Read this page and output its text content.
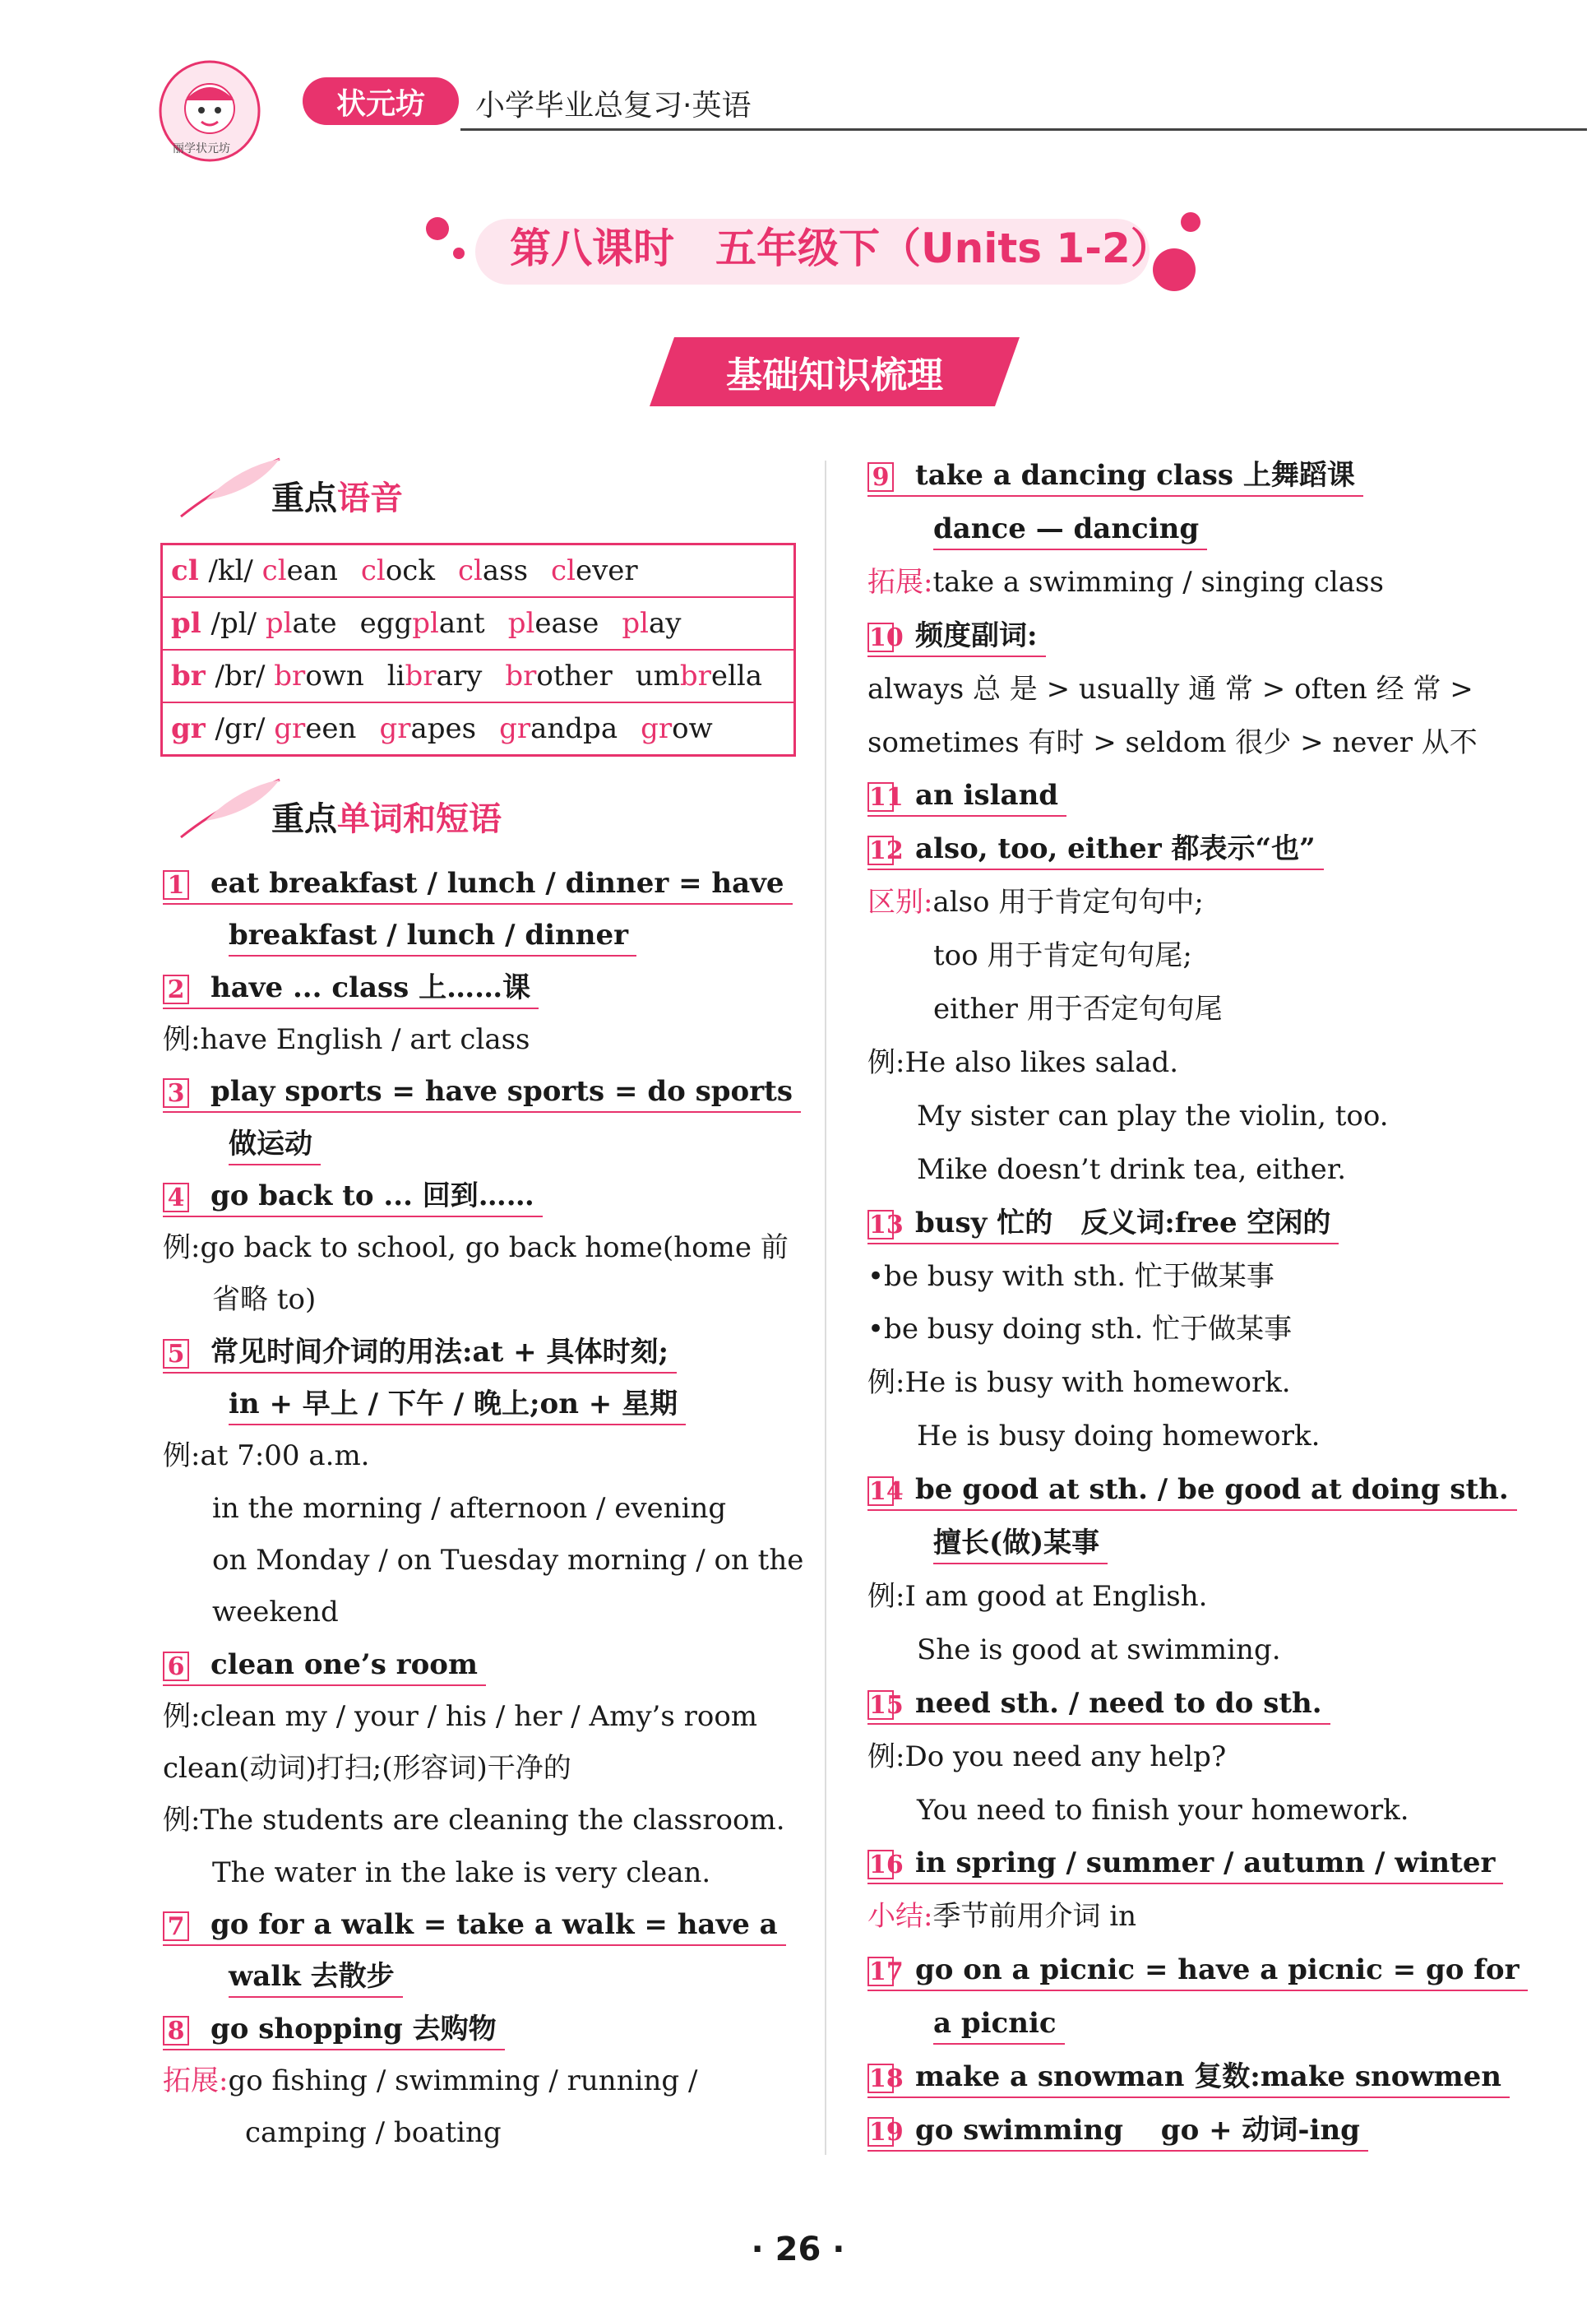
丽学状元坊
状元坊	小学毕业总复习·英语
第八课时　五年级下（Units 1-2）
基础知识梳理
重点语音
cl /kl/ clean clock class clever
pl /pl/ plate eggplant please play
br /br/ brown library brother umbrella
gr /gr/ green grapes grandpa grow
重点单词和短语
1 eat breakfast / lunch / dinner = have
breakfast / lunch / dinner
2 have ... class 上……课
例:have English / art class
3 play sports = have sports = do sports
做运动
4 go back to ... 回到……
例:go back to school, go back home(home 前
省略 to)
5 常见时间介词的用法:at + 具体时刻;
in + 早上 / 下午 / 晚上;on + 星期
例:at 7:00 a.m.
in the morning / afternoon / evening
on Monday / on Tuesday morning / on the
weekend
6 clean one’s room
例:clean my / your / his / her / Amy’s room
clean(动词)打扫;(形容词)干净的
例:The students are cleaning the classroom.
The water in the lake is very clean.
7 go for a walk = take a walk = have a
walk 去散步
8 go shopping 去购物
拓展:go fishing / swimming / running /
camping / boating
9 take a dancing class 上舞蹈课
dance — dancing
拓展:take a swimming / singing class
10 频度副词:
always 总 是 > usually 通 常 > often 经 常 >
sometimes 有时 > seldom 很少 > never 从不
11 an island
12 also, too, either 都表示“也”
区别:also 用于肯定句句中;
too 用于肯定句句尾;
either 用于否定句句尾
例:He also likes salad.
My sister can play the violin, too.
Mike doesn’t drink tea, either.
13 busy 忙的　反义词:free 空闲的
•be busy with sth. 忙于做某事
•be busy doing sth. 忙于做某事
例:He is busy with homework.
He is busy doing homework.
14 be good at sth. / be good at doing sth.
擅长(做)某事
例:I am good at English.
She is good at swimming.
15 need sth. / need to do sth.
例:Do you need any help?
You need to finish your homework.
16 in spring / summer / autumn / winter
小结:季节前用介词 in
17 go on a picnic = have a picnic = go for
a picnic
18 make a snowman 复数:make snowmen
19 go swimming　 go + 动词-ing
· 26 ·
